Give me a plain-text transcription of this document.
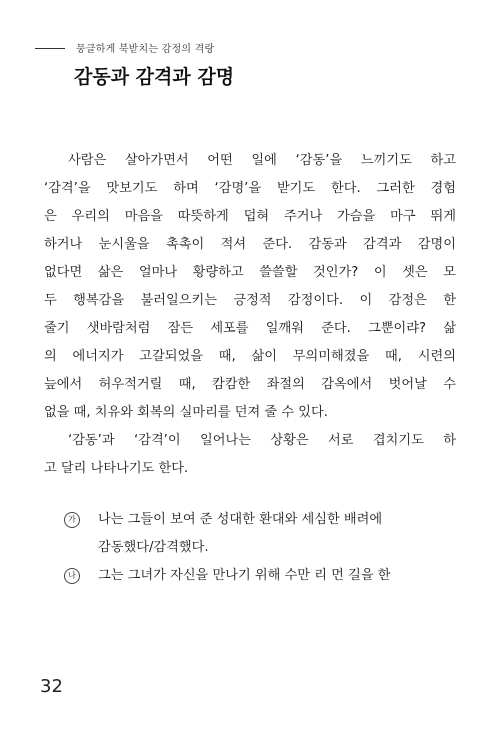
뭉클하게 북받치는 감정의 격랑
감동과 감격과 감명
사람은 살아가면서 어떤 일에 ‘감동’을 느끼기도 하고
‘감격’을 맛보기도 하며 ‘감명’을 받기도 한다. 그러한 경험
은 우리의 마음을 따뜻하게 덥혀 주거나 가슴을 마구 뛰게
하거나 눈시울을 촉촉이 적셔 준다. 감동과 감격과 감명이
없다면 삶은 얼마나 황량하고 쓸쓸할 것인가? 이 셋은 모
두 행복감을 불러일으키는 긍정적 감정이다. 이 감정은 한
줄기 샛바람처럼 잠든 세포를 일깨워 준다. 그뿐이랴? 삶
의 에너지가 고갈되었을 때, 삶이 무의미해졌을 때, 시련의
늪에서 허우적거릴 때, 캄캄한 좌절의 감옥에서 벗어날 수
없을 때, 치유와 회복의 실마리를 던져 줄 수 있다.
‘감동’과 ‘감격’이 일어나는 상황은 서로 겹치기도 하
고 달리 나타나기도 한다.
가	나는 그들이 보여 준 성대한 환대와 세심한 배려에
감동했다/감격했다.
나	그는 그녀가 자신을 만나기 위해 수만 리 먼 길을 한
32
